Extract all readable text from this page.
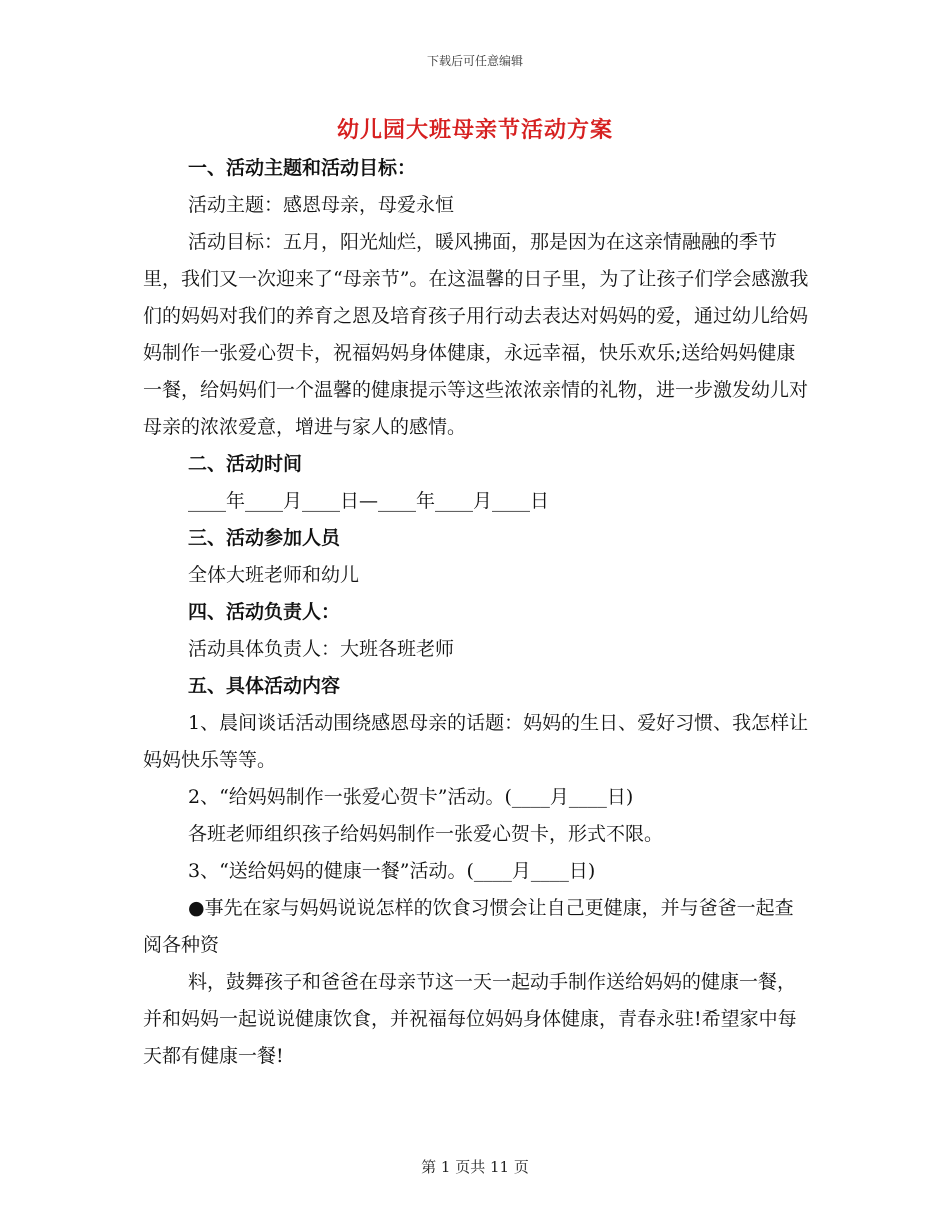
下载后可任意编辑
幼儿园大班母亲节活动方案

一、活动主题和活动目标：

活动主题：感恩母亲，母爱永恒

活动目标：五月，阳光灿烂，暖风拂面，那是因为在这亲情融融的季节里，我们又一次迎来了“母亲节”。在这温馨的日子里，为了让孩子们学会感激我们的妈妈对我们的养育之恩及培育孩子用行动去表达对妈妈的爱，通过幼儿给妈妈制作一张爱心贺卡，祝福妈妈身体健康，永远幸福，快乐欢乐;送给妈妈健康一餐，给妈妈们一个温馨的健康提示等这些浓浓亲情的礼物，进一步激发幼儿对母亲的浓浓爱意，增进与家人的感情。

二、活动时间

____年____月____日—____年____月____日

三、活动参加人员

全体大班老师和幼儿

四、活动负责人：

活动具体负责人：大班各班老师

五、具体活动内容

1、晨间谈话活动围绕感恩母亲的话题：妈妈的生日、爱好习惯、我怎样让妈妈快乐等等。

2、“给妈妈制作一张爱心贺卡”活动。(____月____日)

各班老师组织孩子给妈妈制作一张爱心贺卡，形式不限。

3、“送给妈妈的健康一餐”活动。(____月____日)

●事先在家与妈妈说说怎样的饮食习惯会让自己更健康，并与爸爸一起查阅各种资

料，鼓舞孩子和爸爸在母亲节这一天一起动手制作送给妈妈的健康一餐，并和妈妈一起说说健康饮食，并祝福每位妈妈身体健康，青春永驻!希望家中每天都有健康一餐!

第 1 页共 11 页
